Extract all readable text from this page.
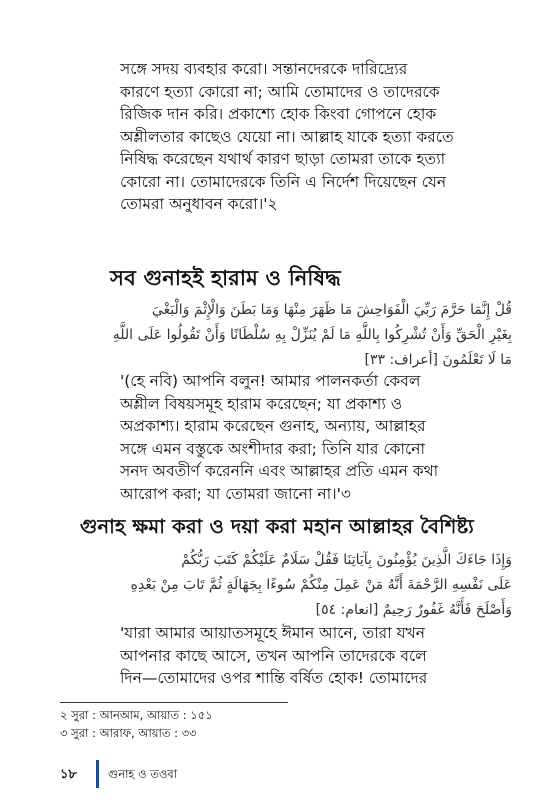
সঙ্গে সদয় ব্যবহার করো। সন্তানদেরকে দারিদ্র্যের
কারণে হত্যা কোরো না; আমি তোমাদের ও তাদেরকে
রিজিক দান করি। প্রকাশ্যে হোক কিংবা গোপনে হোক
অশ্লীলতার কাছেও যেয়ো না। আল্লাহ যাকে হত্যা করতে
নিষিদ্ধ করেছেন যথার্থ কারণ ছাড়া তোমরা তাকে হত্যা
কোরো না। তোমাদেরকে তিনি এ নির্দেশ দিয়েছেন যেন
তোমরা অনুধাবন করো।'২
সব গুনাহই হারাম ও নিষিদ্ধ
قُلْ إِنَّمَا حَرَّمَ رَبِّيَ الْفَوَاحِشَ مَا ظَهَرَ مِنْهَا وَمَا بَطَنَ وَالْإِثْمَ وَالْبَغْيَ
بِغَيْرِ الْحَقِّ وَأَنْ تُشْرِكُوا بِاللَّهِ مَا لَمْ يُنَزِّلْ بِهِ سُلْطَانًا وَأَنْ تَقُولُوا عَلَى اللَّهِ
مَا لَا تَعْلَمُونَ [أعراف: ٣٣]
'(হে নবি) আপনি বলুন! আমার পালনকর্তা কেবল
অশ্লীল বিষয়সমূহ হারাম করেছেন; যা প্রকাশ্য ও
অপ্রকাশ্য। হারাম করেছেন গুনাহ, অন্যায়, আল্লাহর
সঙ্গে এমন বস্তুকে অংশীদার করা; তিনি যার কোনো
সনদ অবতীর্ণ করেননি এবং আল্লাহর প্রতি এমন কথা
আরোপ করা; যা তোমরা জানো না।'৩
গুনাহ ক্ষমা করা ও দয়া করা মহান আল্লাহর বৈশিষ্ট্য
وَإِذَا جَاءَكَ الَّذِينَ يُؤْمِنُونَ بِآيَاتِنَا فَقُلْ سَلَامٌ عَلَيْكُمْ كَتَبَ رَبُّكُمْ
عَلَى نَفْسِهِ الرَّحْمَةَ أَنَّهُ مَنْ عَمِلَ مِنْكُمْ سُوءًا بِجَهَالَةٍ ثُمَّ تَابَ مِنْ بَعْدِهِ
وَأَصْلَحَ فَأَنَّهُ غَفُورٌ رَحِيمٌ [انعام: ٥٤]
'যারা আমার আয়াতসমূহে ঈমান আনে, তারা যখন
আপনার কাছে আসে, তখন আপনি তাদেরকে বলে
দিন—তোমাদের ওপর শান্তি বর্ষিত হোক! তোমাদের
২ সুরা : আনআম, আয়াত : ১৫১
৩ সুরা : আরাফ, আয়াত : ৩৩
১৮	গুনাহ ও তওবা
